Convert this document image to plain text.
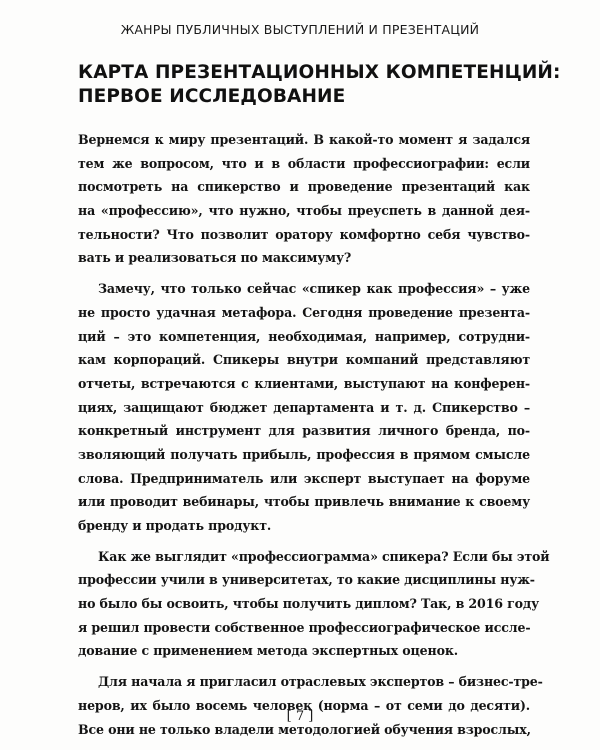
ЖАНРЫ ПУБЛИЧНЫХ ВЫСТУПЛЕНИЙ И ПРЕЗЕНТАЦИЙ
КАРТА ПРЕЗЕНТАЦИОННЫХ КОМПЕТЕНЦИЙ:
ПЕРВОЕ ИССЛЕДОВАНИЕ
Вернемся к миру презентаций. В какой-то момент я задался
тем же вопросом, что и в области профессиографии: если
посмотреть на спикерство и проведение презентаций как
на «профессию», что нужно, чтобы преуспеть в данной дея-
тельности? Что позволит оратору комфортно себя чувство-
вать и реализоваться по максимуму?
Замечу, что только сейчас «спикер как профессия» – уже
не просто удачная метафора. Сегодня проведение презента-
ций – это компетенция, необходимая, например, сотрудни-
кам корпораций. Спикеры внутри компаний представляют
отчеты, встречаются с клиентами, выступают на конферен-
циях, защищают бюджет департамента и т. д. Спикерство –
конкретный инструмент для развития личного бренда, по-
зволяющий получать прибыль, профессия в прямом смысле
слова. Предприниматель или эксперт выступает на форуме
или проводит вебинары, чтобы привлечь внимание к своему
бренду и продать продукт.
Как же выглядит «профессиограмма» спикера? Если бы этой
профессии учили в университетах, то какие дисциплины нуж-
но было бы освоить, чтобы получить диплом? Так, в 2016 году
я решил провести собственное профессиографическое иссле-
дование с применением метода экспертных оценок.
Для начала я пригласил отраслевых экспертов – бизнес-тре-
неров, их было восемь человек (норма – от семи до десяти).
Все они не только владели методологией обучения взрослых,
[ 7 ]
